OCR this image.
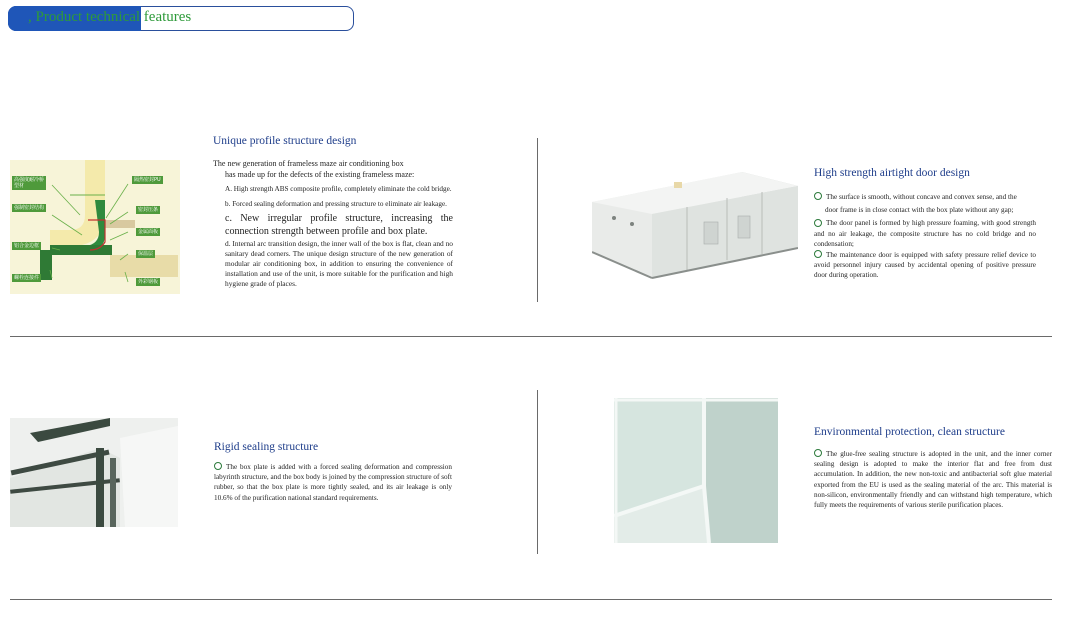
, Product technical features
高强度耐冷桥型材
强制密封结构
铝合金边框
螺栓连接件
隔热密封PU
密封压条
金属面板
保温层
外彩钢板
Unique profile structure design
The new generation of frameless maze air conditioning box
has made up for the defects of the existing frameless maze:
A. High strength ABS composite profile, completely eliminate the cold bridge.
b. Forced sealing deformation and pressing structure to eliminate air leakage.
c. New irregular profile structure, increasing the connection strength between profile and box plate.
d. Internal arc transition design, the inner wall of the box is flat, clean and no sanitary dead corners. The unique design structure of the new generation of modular air conditioning box, in addition to ensuring the convenience of installation and use of the unit, is more suitable for the purification and high hygiene grade of places.
High strength airtight door design
The surface is smooth, without concave and convex sense, and the
door frame is in close contact with the box plate without any gap;
The door panel is formed by high pressure foaming, with good strength and no air leakage, the composite structure has no cold bridge and no condensation;
The maintenance door is equipped with safety pressure relief device to avoid personnel injury caused by accidental opening of positive pressure door during operation.
Rigid sealing structure
The box plate is added with a forced sealing deformation and compression labyrinth structure, and the box body is joined by the compression structure of soft rubber, so that the box plate is more tightly sealed, and its air leakage is only 10.6% of the purification national standard requirements.
Environmental protection, clean structure
The glue-free sealing structure is adopted in the unit, and the inner corner sealing design is adopted to make the interior flat and free from dust accumulation. In addition, the new non-toxic and antibacterial soft glue material exported from the EU is used as the sealing material of the arc. This material is non-silicon, environmentally friendly and can withstand high temperature, which fully meets the requirements of various sterile purification places.
